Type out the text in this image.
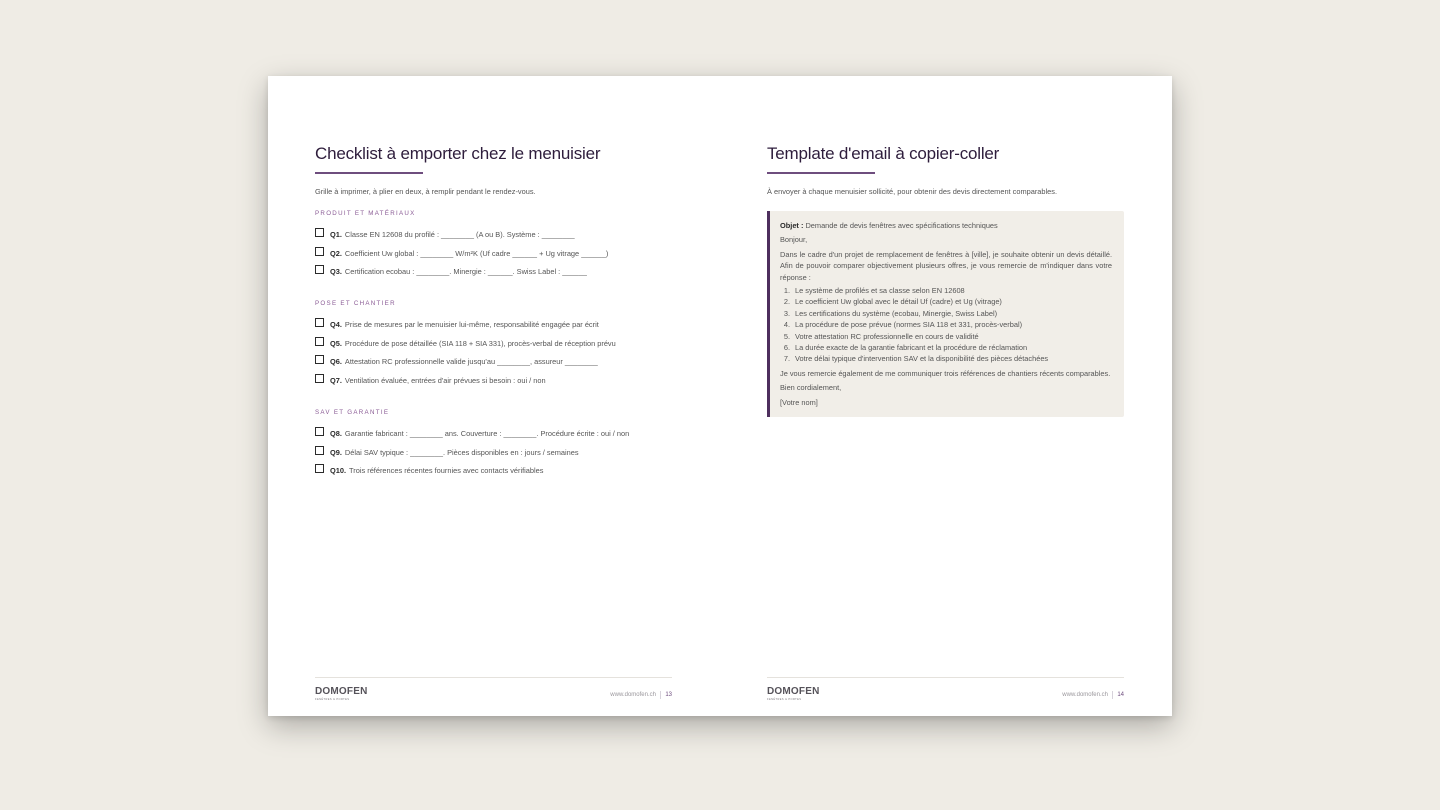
Checklist à emporter chez le menuisier
Grille à imprimer, à plier en deux, à remplir pendant le rendez-vous.
PRODUIT ET MATÉRIAUX
Q1. Classe EN 12608 du profilé : ________ (A ou B). Système : ________
Q2. Coefficient Uw global : ________ W/m²K (Uf cadre ______ + Ug vitrage ______)
Q3. Certification ecobau : ________. Minergie : ______. Swiss Label : ______
POSE ET CHANTIER
Q4. Prise de mesures par le menuisier lui-même, responsabilité engagée par écrit
Q5. Procédure de pose détaillée (SIA 118 + SIA 331), procès-verbal de réception prévu
Q6. Attestation RC professionnelle valide jusqu'au ________, assureur ________
Q7. Ventilation évaluée, entrées d'air prévues si besoin : oui / non
SAV ET GARANTIE
Q8. Garantie fabricant : ________ ans. Couverture : ________. Procédure écrite : oui / non
Q9. Délai SAV typique : ________. Pièces disponibles en : jours / semaines
Q10. Trois références récentes fournies avec contacts vérifiables
DOMOFEN
FENÊTRES & PORTES
www.domofen.ch 13
Template d'email à copier-coller
À envoyer à chaque menuisier sollicité, pour obtenir des devis directement comparables.
Objet : Demande de devis fenêtres avec spécifications techniques

Bonjour,

Dans le cadre d'un projet de remplacement de fenêtres à [ville], je souhaite obtenir un devis détaillé. Afin de pouvoir comparer objectivement plusieurs offres, je vous remercie de m'indiquer dans votre réponse :

1. Le système de profilés et sa classe selon EN 12608
2. Le coefficient Uw global avec le détail Uf (cadre) et Ug (vitrage)
3. Les certifications du système (ecobau, Minergie, Swiss Label)
4. La procédure de pose prévue (normes SIA 118 et 331, procès-verbal)
5. Votre attestation RC professionnelle en cours de validité
6. La durée exacte de la garantie fabricant et la procédure de réclamation
7. Votre délai typique d'intervention SAV et la disponibilité des pièces détachées

Je vous remercie également de me communiquer trois références de chantiers récents comparables.

Bien cordialement,

[Votre nom]

DOMOFEN
FENÊTRES & PORTES
www.domofen.ch 14
